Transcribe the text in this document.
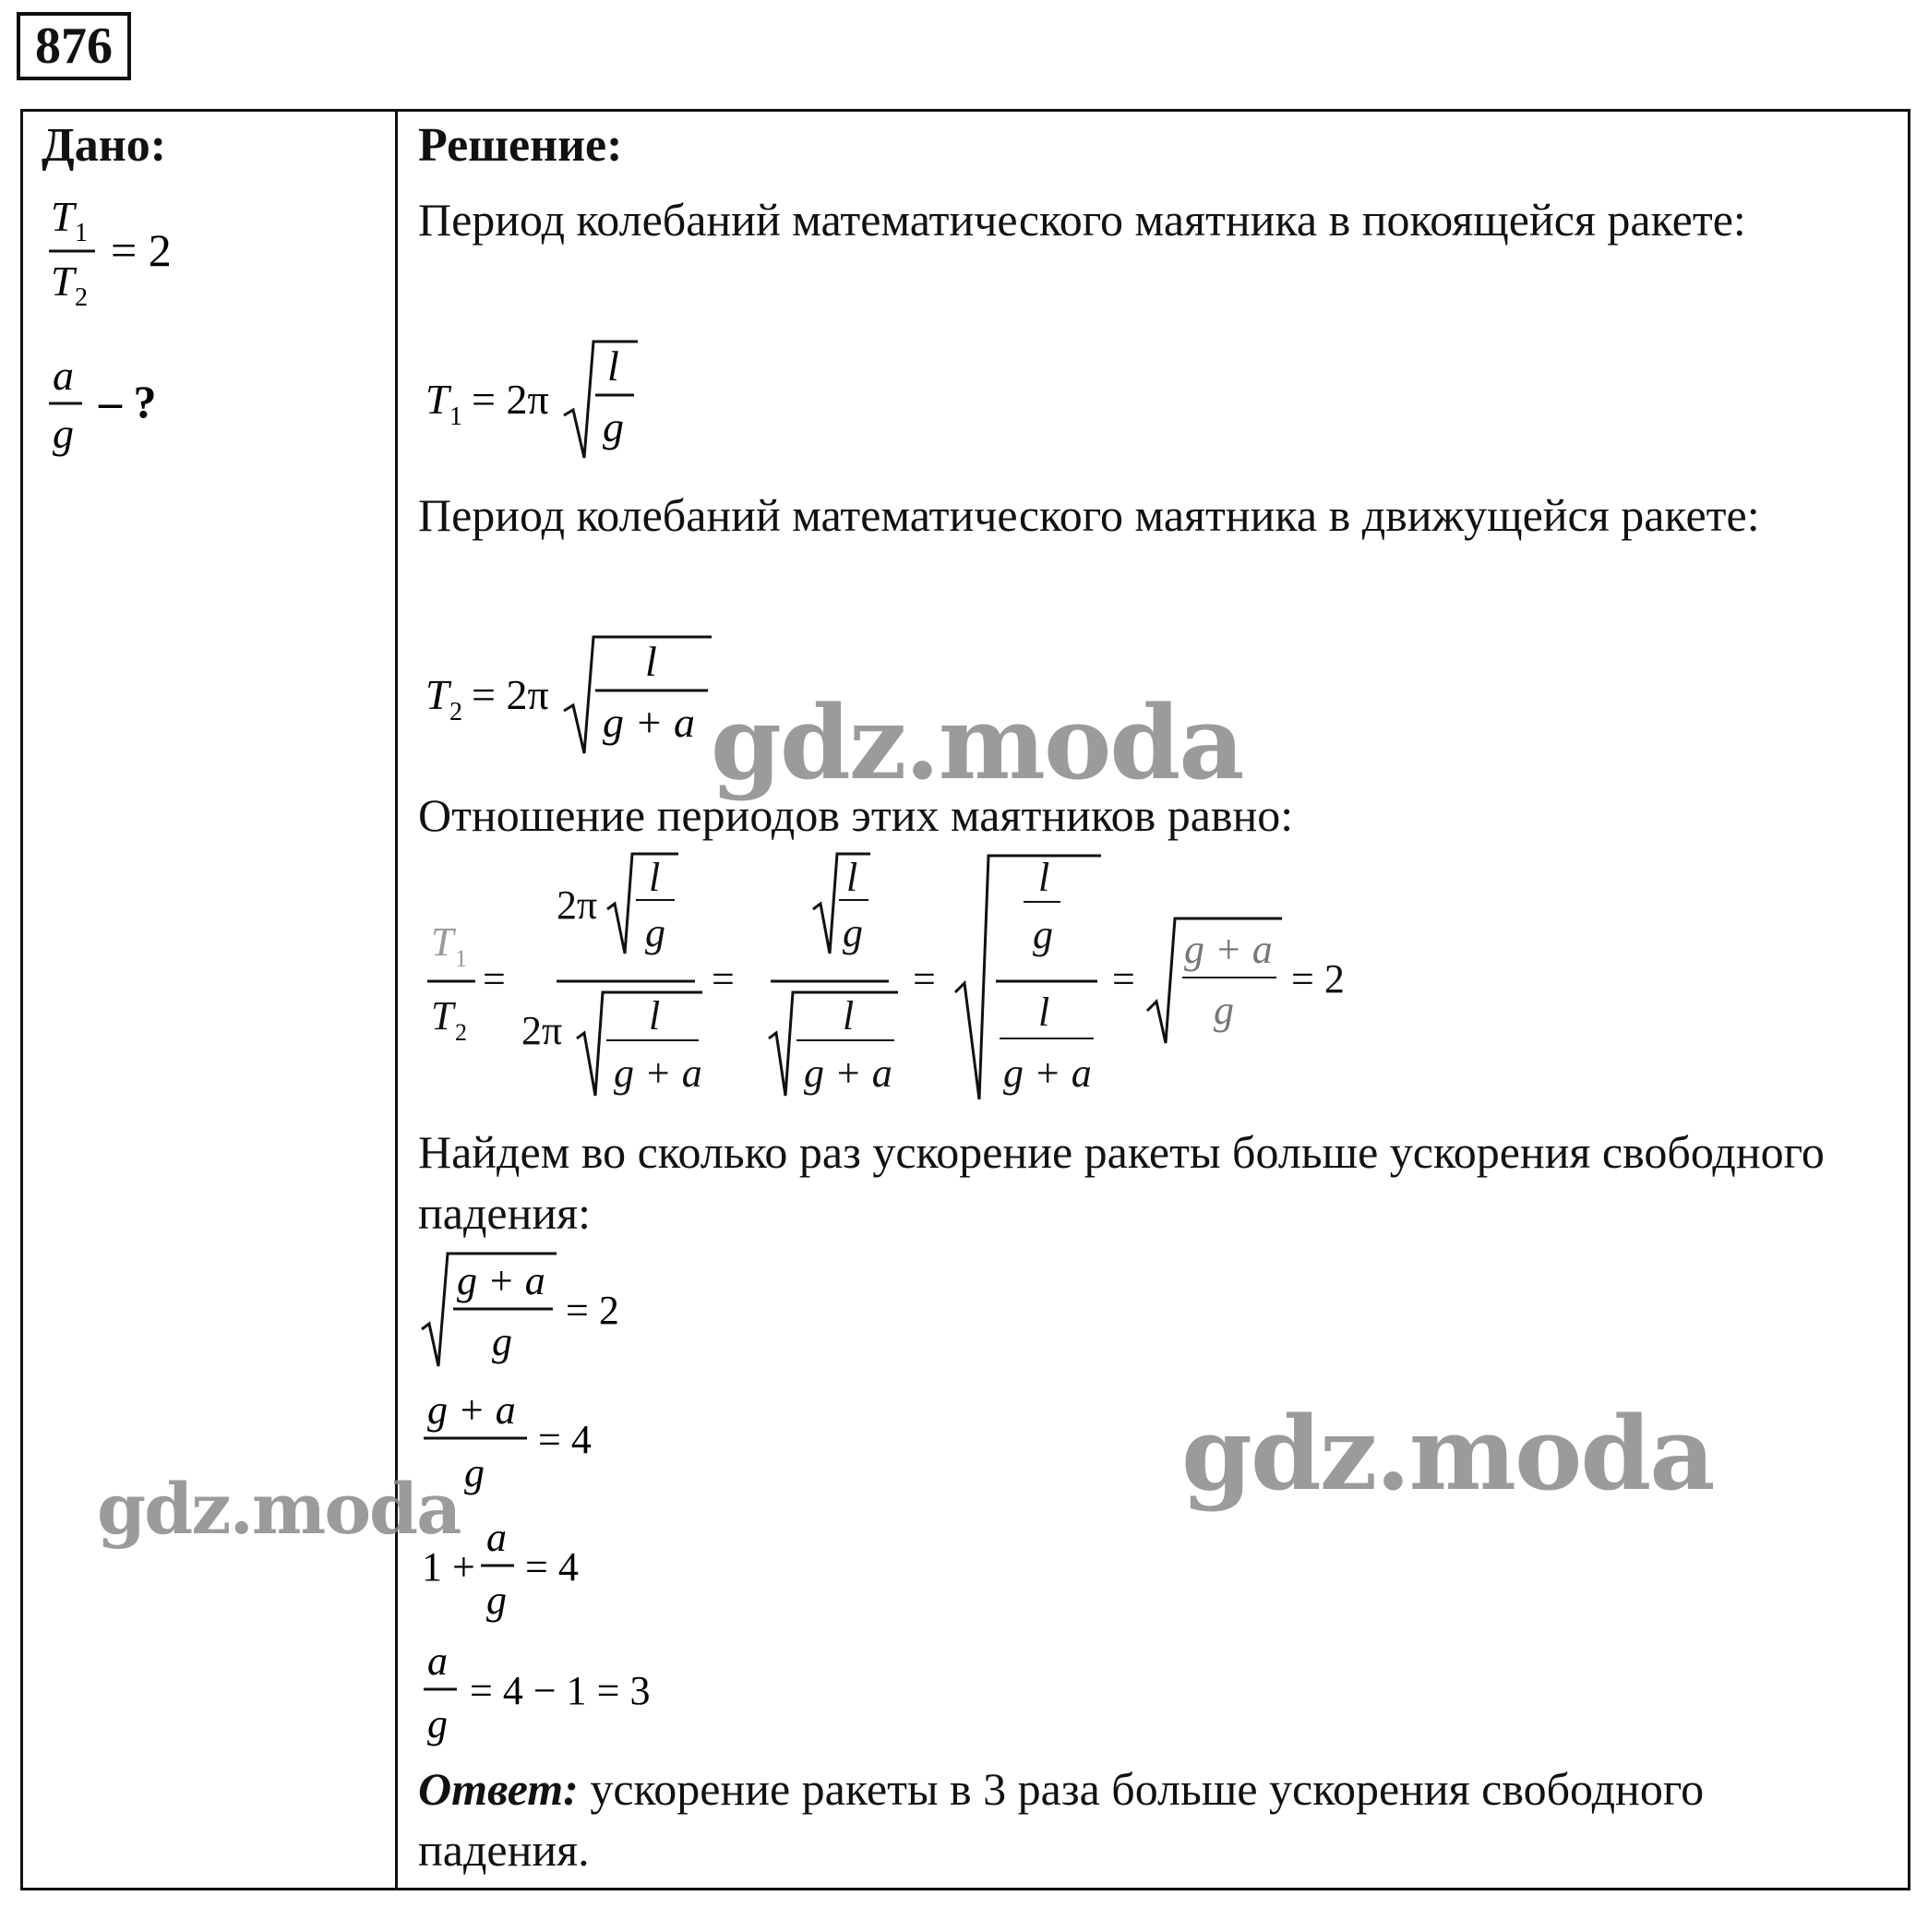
876
Дано:
T 1
T 2
= 2
a
g
– ?
Решение:
Период колебаний математического маятника в покоящейся ракете:
T 1 = 2π
l
g
Период колебаний математического маятника в движущейся ракете:
T 2 = 2π
l
g + a
Отношение периодов этих маятников равно:
T 1
T 2
=
2π
l
g
2π l
g + a
=
l
g
l
g + a
=
l
g
l
g + a
=
g + a
g
= 2
Найдем во сколько раз ускорение ракеты больше ускорения свободного падения:
g + a
g
= 2
g + a
g
= 4
1 +
a
g
= 4
a
g
= 4 − 1 = 3
Ответ: ускорение ракеты в 3 раза больше ускорения свободного падения.
gdz.moda
gdz.moda
gdz.moda
